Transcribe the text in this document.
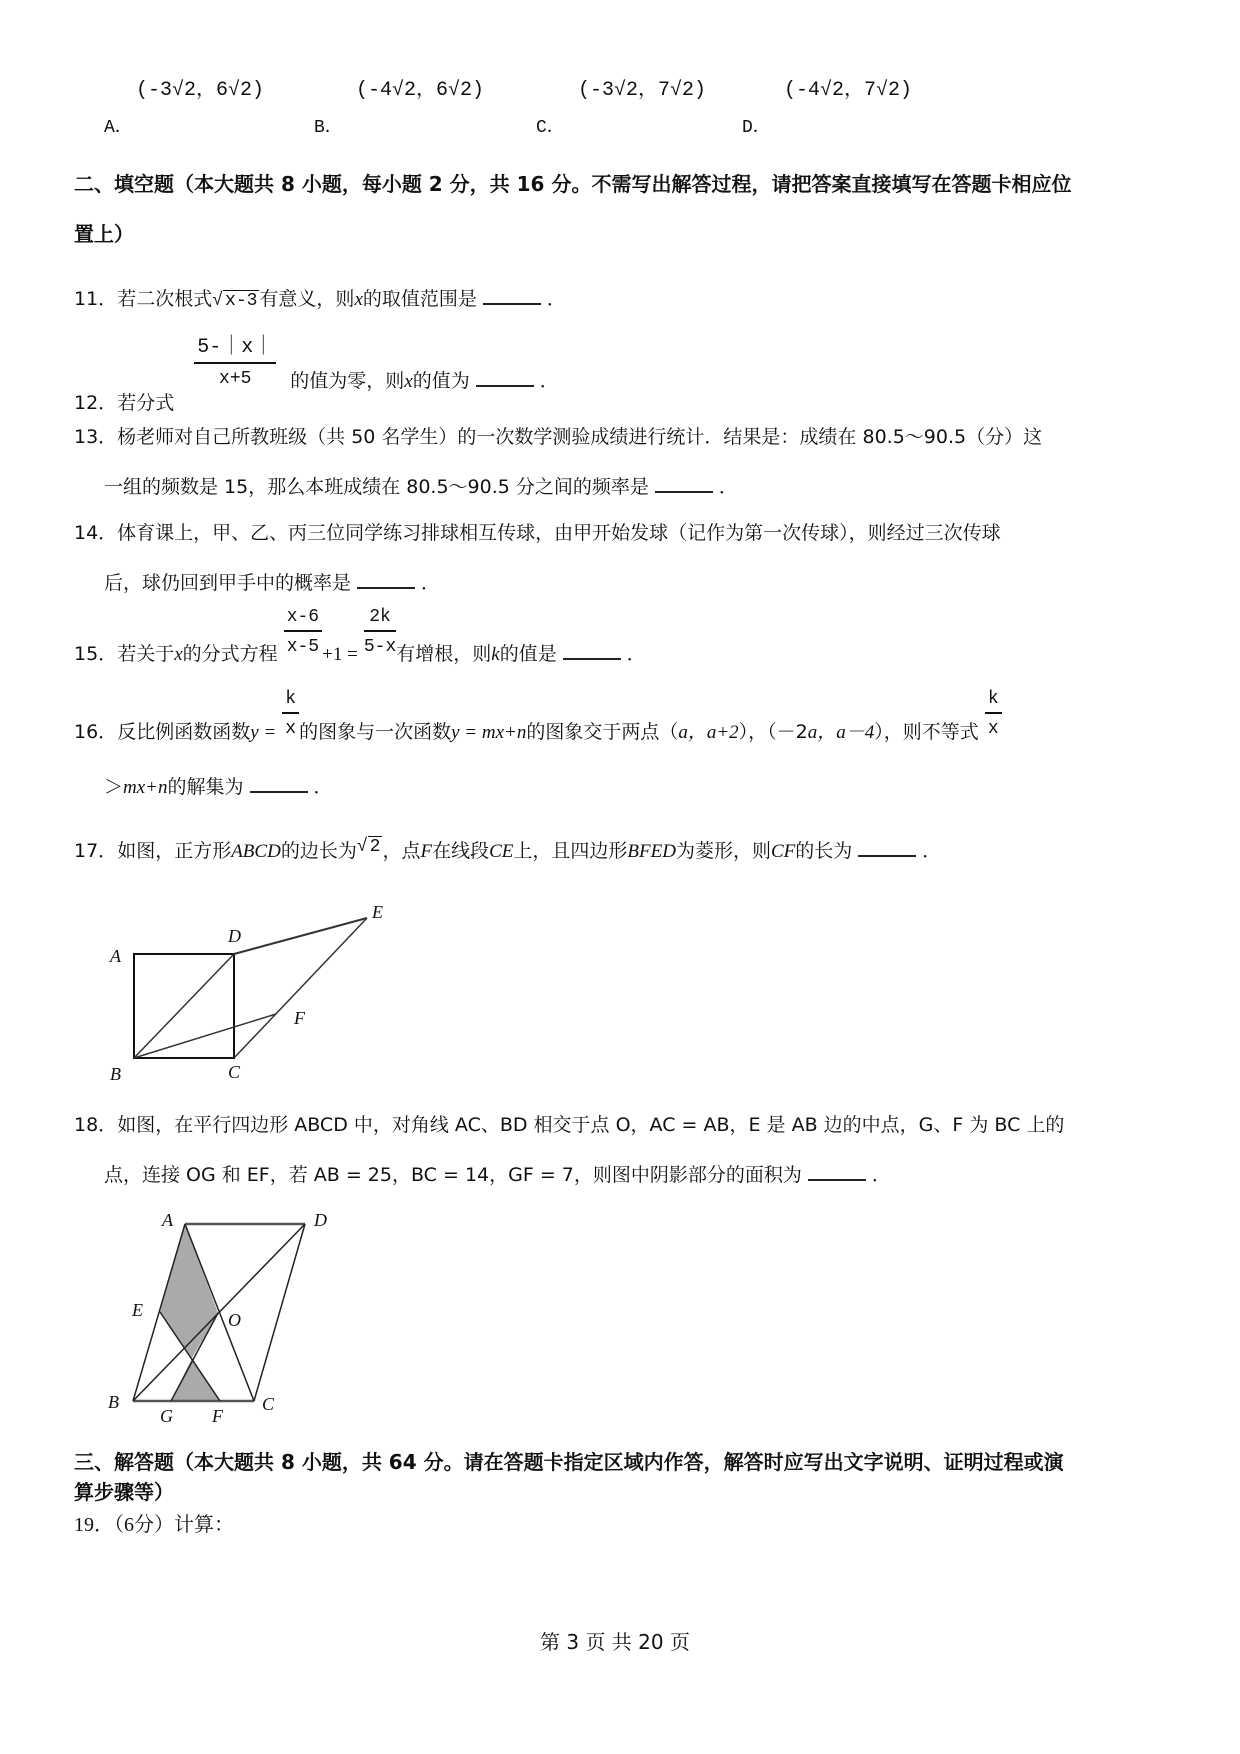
(-3√2，6√2)
A．
(-4√2，6√2)
B．
(-3√2，7√2)
C．
(-4√2，7√2)
D．
二、填空题（本大题共 8 小题，每小题 2 分，共 16 分。不需写出解答过程，请把答案直接填写在答题卡相应位
置上）
11．若二次根式√ x-3 有意义，则x的取值范围是	．
12．若分式
$\frac{5-|x|}{x+5}$ 的值为零，则x的值为	．
13．杨老师对自己所教班级（共 50 名学生）的一次数学测验成绩进行统计．结果是：成绩在 80.5～90.5（分）这
一组的频数是 15，那么本班成绩在 80.5～90.5 分之间的频率是	．
14．体育课上，甲、乙、丙三位同学练习排球相互传球，由甲开始发球（记作为第一次传球），则经过三次传球
后，球仍回到甲手中的概率是	．
15．若关于x的分式方程 $\frac{x-6}{x-5} +1 = \frac{2k}{5-x}$ 有增根，则k的值是	．
16．反比例函数函数$y = \frac{k}{x}$ 的图象与一次函数y = mx+n的图象交于两点（a，a+2），（－2a，a－4），则不等式 $\frac{k}{x}$
＞mx+n的解集为	．
17．如图，正方形ABCD的边长为√ 2 ，点F在线段CE上，且四边形BFED为菱形，则CF的长为	．
A
D
E
F
B	C
18．如图，在平行四边形 ABCD 中，对角线 AC、BD 相交于点 O，AC = AB，E 是 AB 边的中点，G、F 为 BC 上的
点，连接 OG 和 EF，若 AB = 25，BC = 14，GF = 7，则图中阴影部分的面积为	．
A	D
E	O
B
G F
C
三、解答题（本大题共 8 小题，共 64 分。请在答题卡指定区域内作答，解答时应写出文字说明、证明过程或演
算步骤等）
19．（6分）计算：
第 3 页 共 20 页
